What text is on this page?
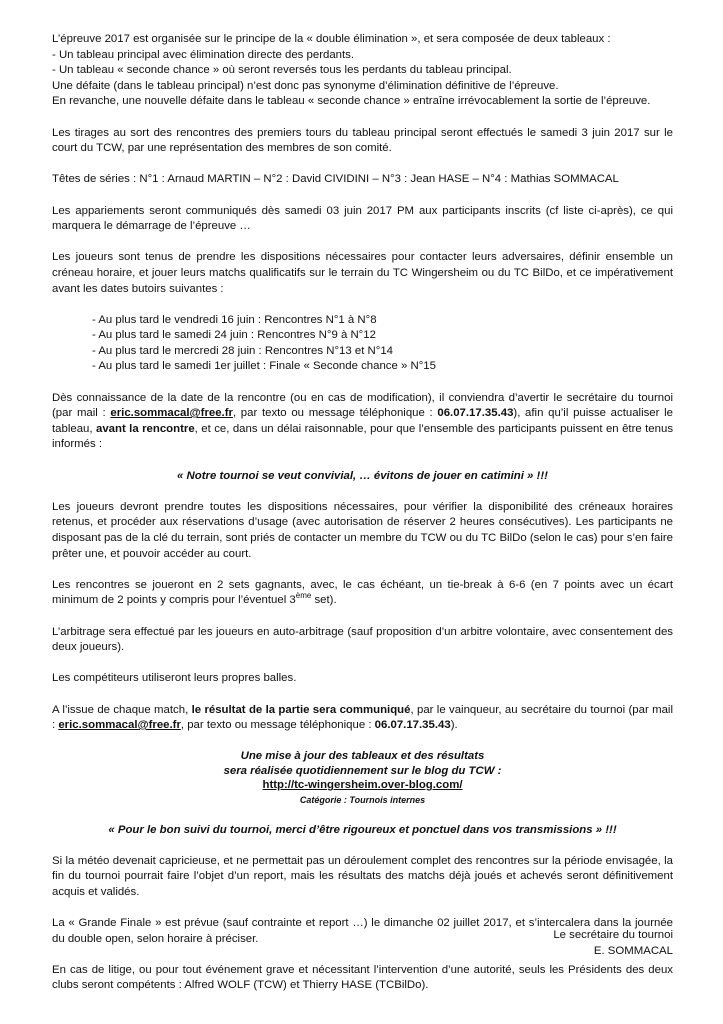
L’épreuve 2017 est organisée sur le principe de la « double élimination », et sera composée de deux tableaux :
- Un tableau principal avec élimination directe des perdants.
- Un tableau « seconde chance » où seront reversés tous les perdants du tableau principal.
Une défaite (dans le tableau principal) n’est donc pas synonyme d’élimination définitive de l’épreuve.
En revanche, une nouvelle défaite dans le tableau « seconde chance » entraîne irrévocablement la sortie de l’épreuve.

Les tirages au sort des rencontres des premiers tours du tableau principal seront effectués le samedi 3 juin 2017 sur le court du TCW, par une représentation des membres de son comité.

Têtes de séries : N°1 : Arnaud MARTIN – N°2 : David CIVIDINI – N°3 : Jean HASE – N°4 : Mathias SOMMACAL

Les appariements seront communiqués dès samedi 03 juin 2017 PM aux participants inscrits (cf liste ci-après), ce qui marquera le démarrage de l’épreuve …

Les joueurs sont tenus de prendre les dispositions nécessaires pour contacter leurs adversaires, définir ensemble un créneau horaire, et jouer leurs matchs qualificatifs sur le terrain du TC Wingersheim ou du TC BilDo, et ce impérativement avant les dates butoirs suivantes :

- Au plus tard le vendredi 16 juin : Rencontres N°1 à N°8
- Au plus tard le samedi 24 juin : Rencontres N°9 à N°12
- Au plus tard le mercredi 28 juin : Rencontres N°13 et N°14
- Au plus tard le samedi 1er juillet : Finale « Seconde chance » N°15

Dès connaissance de la date de la rencontre (ou en cas de modification), il conviendra d’avertir le secrétaire du tournoi (par mail : eric.sommacal@free.fr, par texto ou message téléphonique : 06.07.17.35.43), afin qu’il puisse actualiser le tableau, avant la rencontre, et ce, dans un délai raisonnable, pour que l’ensemble des participants puissent en être tenus informés :

« Notre tournoi se veut convivial, … évitons de jouer en catimini » !!!

Les joueurs devront prendre toutes les dispositions nécessaires, pour vérifier la disponibilité des créneaux horaires retenus, et procéder aux réservations d’usage (avec autorisation de réserver 2 heures consécutives). Les participants ne disposant pas de la clé du terrain, sont priés de contacter un membre du TCW ou du TC BilDo (selon le cas) pour s’en faire prêter une, et pouvoir accéder au court.

Les rencontres se joueront en 2 sets gagnants, avec, le cas échéant, un tie-break à 6-6 (en 7 points avec un écart minimum de 2 points y compris pour l’éventuel 3ème set).

L’arbitrage sera effectué par les joueurs en auto-arbitrage (sauf proposition d’un arbitre volontaire, avec consentement des deux joueurs).

Les compétiteurs utiliseront leurs propres balles.

A l’issue de chaque match, le résultat de la partie sera communiqué, par le vainqueur, au secrétaire du tournoi (par mail : eric.sommacal@free.fr, par texto ou message téléphonique : 06.07.17.35.43).

Une mise à jour des tableaux et des résultats
sera réalisée quotidiennement sur le blog du TCW :
http://tc-wingersheim.over-blog.com/
Catégorie : Tournois internes

« Pour le bon suivi du tournoi, merci d’être rigoureux et ponctuel dans vos transmissions » !!!

Si la météo devenait capricieuse, et ne permettait pas un déroulement complet des rencontres sur la période envisagée, la fin du tournoi pourrait faire l’objet d’un report, mais les résultats des matchs déjà joués et achevés seront définitivement acquis et validés.

La « Grande Finale » est prévue (sauf contrainte et report …) le dimanche 02 juillet 2017, et s’intercalera dans la journée du double open, selon horaire à préciser.

En cas de litige, ou pour tout événement grave et nécessitant l’intervention d’une autorité, seuls les Présidents des deux clubs seront compétents : Alfred WOLF (TCW) et Thierry HASE (TCBilDo).

Le secrétaire du tournoi

E. SOMMACAL
